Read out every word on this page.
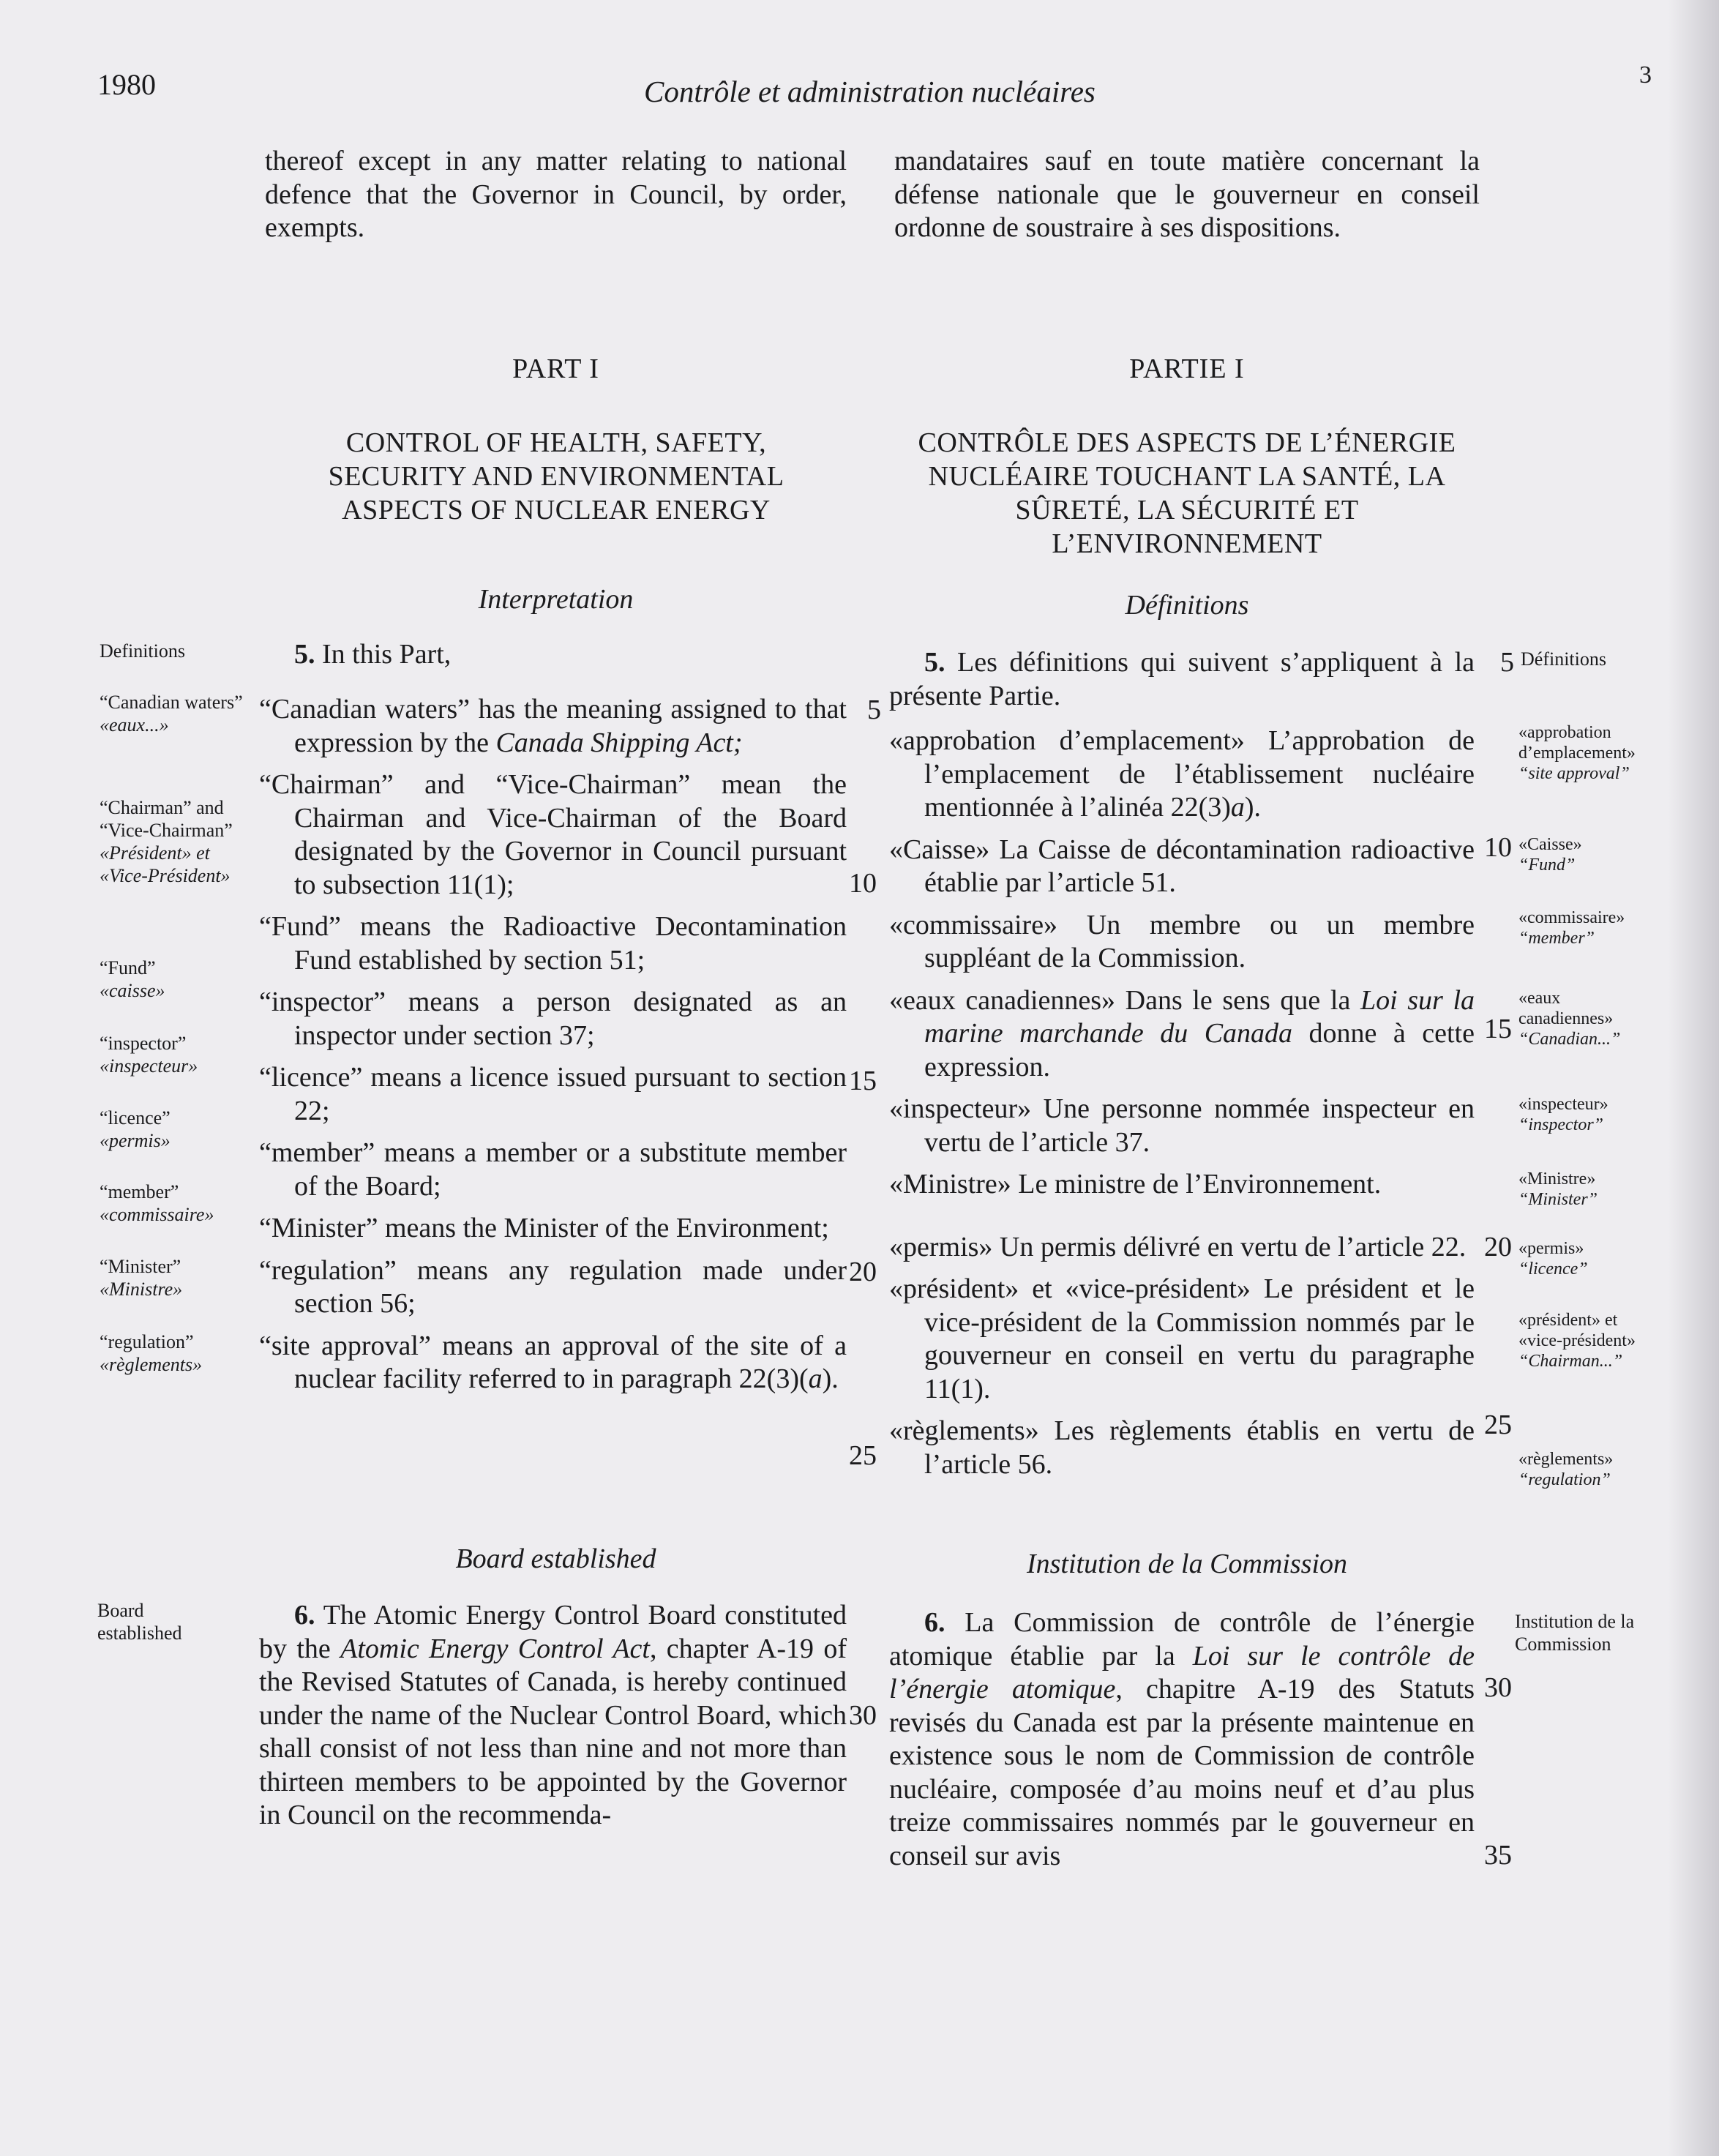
1980	Contrôle et administration nucléaires	3

thereof except in any matter relating to national defence that the Governor in Council, by order, exempts.

PART I
CONTROL OF HEALTH, SAFETY, SECURITY AND ENVIRONMENTAL ASPECTS OF NUCLEAR ENERGY
Interpretation

5. In this Part,

“Canadian waters” has the meaning assigned to that expression by the Canada Shipping Act;

“Chairman” and “Vice-Chairman” mean the Chairman and Vice-Chairman of the Board designated by the Governor in Council pursuant to subsection 11(1);

“Fund” means the Radioactive Decontamination Fund established by section 51;

“inspector” means a person designated as an inspector under section 37;

“licence” means a licence issued pursuant to section 22;

“member” means a member or a substitute member of the Board;

“Minister” means the Minister of the Environment;

“regulation” means any regulation made under section 56;

“site approval” means an approval of the site of a nuclear facility referred to in paragraph 22(3)(a).

Board established
6. The Atomic Energy Control Board constituted by the Atomic Energy Control Act, chapter A-19 of the Revised Statutes of Canada, is hereby continued under the name of the Nuclear Control Board, which shall consist of not less than nine and not more than thirteen members to be appointed by the Governor in Council on the recommenda-
5
10
15
20
25
30

mandataires sauf en toute matière concernant la défense nationale que le gouverneur en conseil ordonne de soustraire à ses dispositions.

PARTIE I
CONTRÔLE DES ASPECTS DE L’ÉNERGIE NUCLÉAIRE TOUCHANT LA SANTÉ, LA SÛRETÉ, LA SÉCURITÉ ET L’ENVIRONNEMENT
Définitions
5. Les définitions qui suivent s’appliquent à la présente Partie.

«approbation d’emplacement» L’approbation de l’emplacement de l’établissement nucléaire mentionnée à l’alinéa 22(3)a).

«Caisse» La Caisse de décontamination radioactive établie par l’article 51.

«commissaire» Un membre ou un membre suppléant de la Commission.

«eaux canadiennes» Dans le sens que la Loi sur la marine marchande du Canada donne à cette expression.

«inspecteur» Une personne nommée inspecteur en vertu de l’article 37.

«Ministre» Le ministre de l’Environnement.

«permis» Un permis délivré en vertu de l’article 22.

«président» et «vice-président» Le président et le vice-président de la Commission nommés par le gouverneur en conseil en vertu du paragraphe 11(1).

«règlements» Les règlements établis en vertu de l’article 56.

Institution de la Commission
6. La Commission de contrôle de l’énergie atomique établie par la Loi sur le contrôle de l’énergie atomique, chapitre A-19 des Statuts revisés du Canada est par la présente maintenue en existence sous le nom de Commission de contrôle nucléaire, composée d’au moins neuf et d’au plus treize commissaires nommés par le gouverneur en conseil sur avis
5
10
15
20
25
30
35
Definitions
“Canadian waters”
«eaux...»
“Chairman” and “Vice-Chairman”
«Président» et «Vice-Président»
“Fund”
«caisse»
“inspector”
«inspecteur»
“licence”
«permis»
“member”
«commissaire»
“Minister”
«Ministre»
“regulation”
«règlements»
Board
established
Définitions
«approbation d’emplacement»
“site approval”
«Caisse»
“Fund”
«commissaire»
“member”
«eaux canadiennes»
“Canadian...”
«inspecteur»
“inspector”
«Ministre»
“Minister”
«permis»
“licence”
«président» et «vice-président»
“Chairman...”
«règlements»
“regulation”
Institution de la Commission
